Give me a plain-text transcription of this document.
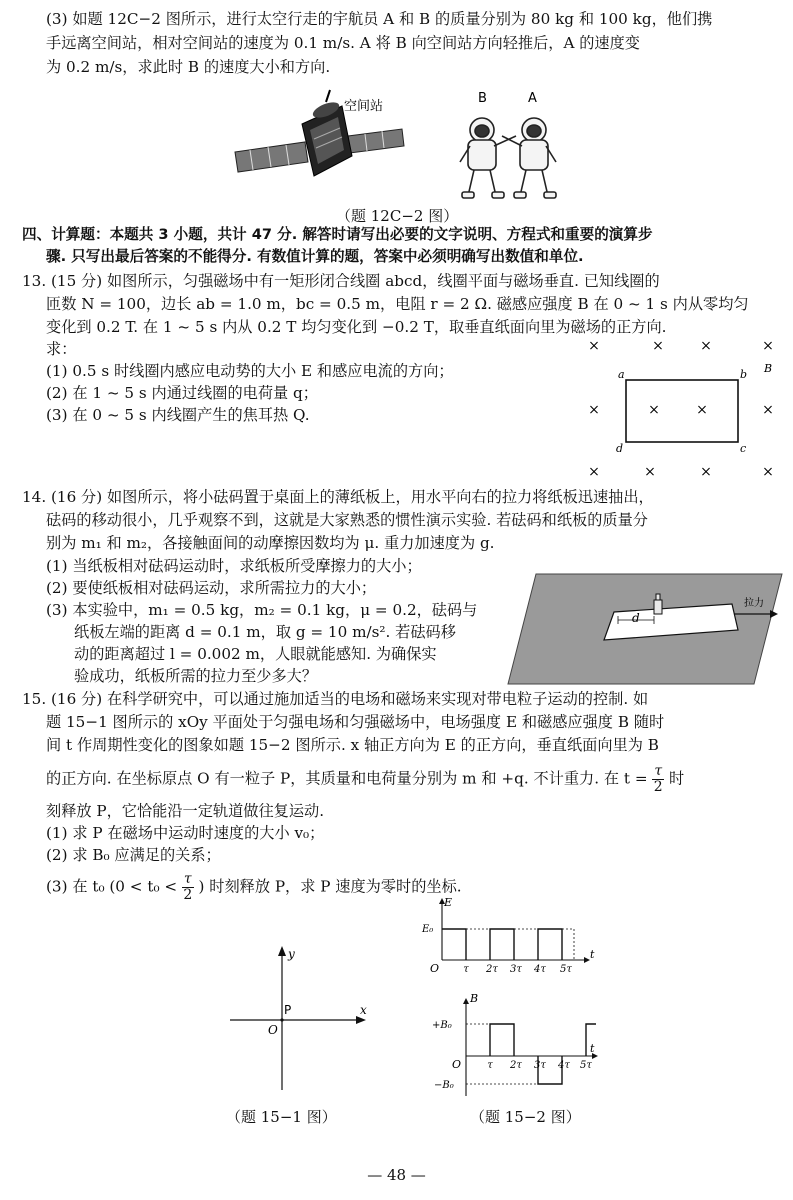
(3) 如题 12C−2 图所示，进行太空行走的宇航员 A 和 B 的质量分别为 80 kg 和 100 kg，他们携
手远离空间站，相对空间站的速度为 0.1 m/s. A 将 B 向空间站方向轻推后，A 的速度变
为 0.2 m/s，求此时 B 的速度大小和方向.
空间站
B	A
（题 12C−2 图）
四、计算题：本题共 3 小题，共计 47 分. 解答时请写出必要的文字说明、方程式和重要的演算步
骤. 只写出最后答案的不能得分. 有数值计算的题，答案中必须明确写出数值和单位.
13. (15 分) 如图所示，匀强磁场中有一矩形闭合线圈 abcd，线圈平面与磁场垂直. 已知线圈的
匝数 N = 100，边长 ab = 1.0 m，bc = 0.5 m，电阻 r = 2 Ω. 磁感应强度 B 在 0 ~ 1 s 内从零均匀
变化到 0.2 T. 在 1 ~ 5 s 内从 0.2 T 均匀变化到 −0.2 T，取垂直纸面向里为磁场的正方向.
求：
(1) 0.5 s 时线圈内感应电动势的大小 E 和感应电流的方向；
(2) 在 1 ~ 5 s 内通过线圈的电荷量 q；
(3) 在 0 ~ 5 s 内线圈产生的焦耳热 Q.
×	×	×	×
×	×	×	×
×	×	×	×
a	b
c
d
B
14. (16 分) 如图所示，将小砝码置于桌面上的薄纸板上，用水平向右的拉力将纸板迅速抽出，
砝码的移动很小，几乎观察不到，这就是大家熟悉的惯性演示实验. 若砝码和纸板的质量分
别为 m₁ 和 m₂，各接触面间的动摩擦因数均为 μ. 重力加速度为 g.
(1) 当纸板相对砝码运动时，求纸板所受摩擦力的大小；
(2) 要使纸板相对砝码运动，求所需拉力的大小；
(3) 本实验中，m₁ = 0.5 kg，m₂ = 0.1 kg，μ = 0.2，砝码与
纸板左端的距离 d = 0.1 m，取 g = 10 m/s². 若砝码移
动的距离超过 l = 0.002 m，人眼就能感知. 为确保实
验成功，纸板所需的拉力至少多大？
d
拉力
15. (16 分) 在科学研究中，可以通过施加适当的电场和磁场来实现对带电粒子运动的控制. 如
题 15−1 图所示的 xOy 平面处于匀强电场和匀强磁场中，电场强度 E 和磁感应强度 B 随时
间 t 作周期性变化的图象如题 15−2 图所示. x 轴正方向为 E 的正方向，垂直纸面向里为 B
的正方向. 在坐标原点 O 有一粒子 P，其质量和电荷量分别为 m 和 +q. 不计重力. 在 $t = \frac{\tau}{2}$ 时
刻释放 P，它恰能沿一定轨道做往复运动.
(1) 求 P 在磁场中运动时速度的大小 v₀；
(2) 求 B₀ 应满足的关系；
(3) 在 t₀ ($0 < t_0 < \frac{\tau}{2}$ ) 时刻释放 P，求 P 速度为零时的坐标.
y
x
O
P
（题 15−1 图）
E
E₀
O
t
τ 2τ 3τ 4τ 5τ
B
+B₀
−B₀
O
t
τ 2τ 3τ 4τ 5τ
（题 15−2 图）
— 48 —
